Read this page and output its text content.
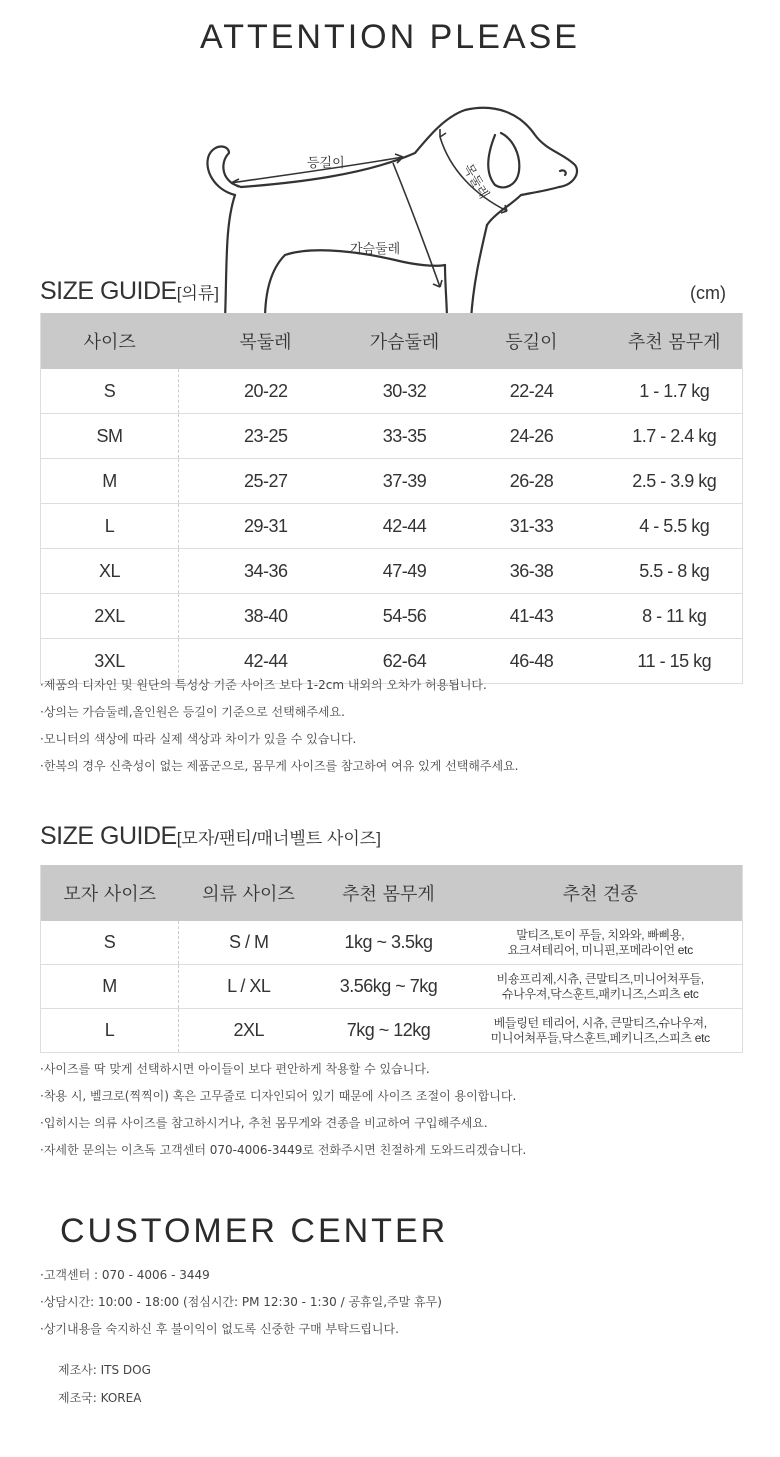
ATTENTION PLEASE
등길이	목둘레
가슴둘레
SIZE GUIDE[의류]	(cm)
사이즈	목둘레	가슴둘레	등길이	추천 몸무게
S	20-22	30-32	22-24	1 - 1.7 kg
SM	23-25	33-35	24-26	1.7 - 2.4 kg
M	25-27	37-39	26-28	2.5 - 3.9 kg
L	29-31	42-44	31-33	4 - 5.5 kg
XL	34-36	47-49	36-38	5.5 - 8 kg
2XL	38-40	54-56	41-43	8 - 11 kg
3XL	42-44	62-64	46-48	11 - 15 kg
·제품의 디자인 및 원단의 특성상 기준 사이즈 보다 1-2cm 내외의 오차가 허용됩니다.
·상의는 가슴둘레,올인원은 등길이 기준으로 선택해주세요.
·모니터의 색상에 따라 실제 색상과 차이가 있을 수 있습니다.
·한복의 경우 신축성이 없는 제품군으로, 몸무게 사이즈를 참고하여 여유 있게 선택해주세요.
SIZE GUIDE[모자/팬티/매너벨트 사이즈]
모자 사이즈	의류 사이즈	추천 몸무게	추천 견종
S	S / M	1kg ~ 3.5kg	말티즈,토이 푸들, 치와와, 빠삐용,
요크셔테리어, 미니핀,포메라이언 etc

M	L / XL	3.56kg ~ 7kg	비숑프리제,시츄, 큰말티즈,미니어쳐푸들,
슈나우져,닥스훈트,패키니즈,스피츠 etc

L	2XL	7kg ~ 12kg	베들링턴 테리어, 시츄, 큰말티즈,슈나우져,
미니어쳐푸들,닥스훈트,페키니즈,스피츠 etc
·사이즈를 딱 맞게 선택하시면 아이들이 보다 편안하게 착용할 수 있습니다.
·착용 시, 벨크로(찍찍이) 혹은 고무줄로 디자인되어 있기 때문에 사이즈 조절이 용이합니다.
·입히시는 의류 사이즈를 참고하시거나, 추천 몸무게와 견종을 비교하여 구입해주세요.
·자세한 문의는 이츠독 고객센터 070-4006-3449로 전화주시면 친절하게 도와드리겠습니다.
CUSTOMER CENTER
·고객센터 : 070 - 4006 - 3449
·상담시간: 10:00 - 18:00 (점심시간: PM 12:30 - 1:30 / 공휴일,주말 휴무)
·상기내용을 숙지하신 후 불이익이 없도록 신중한 구매 부탁드립니다.
제조사: ITS DOG
제조국: KOREA
